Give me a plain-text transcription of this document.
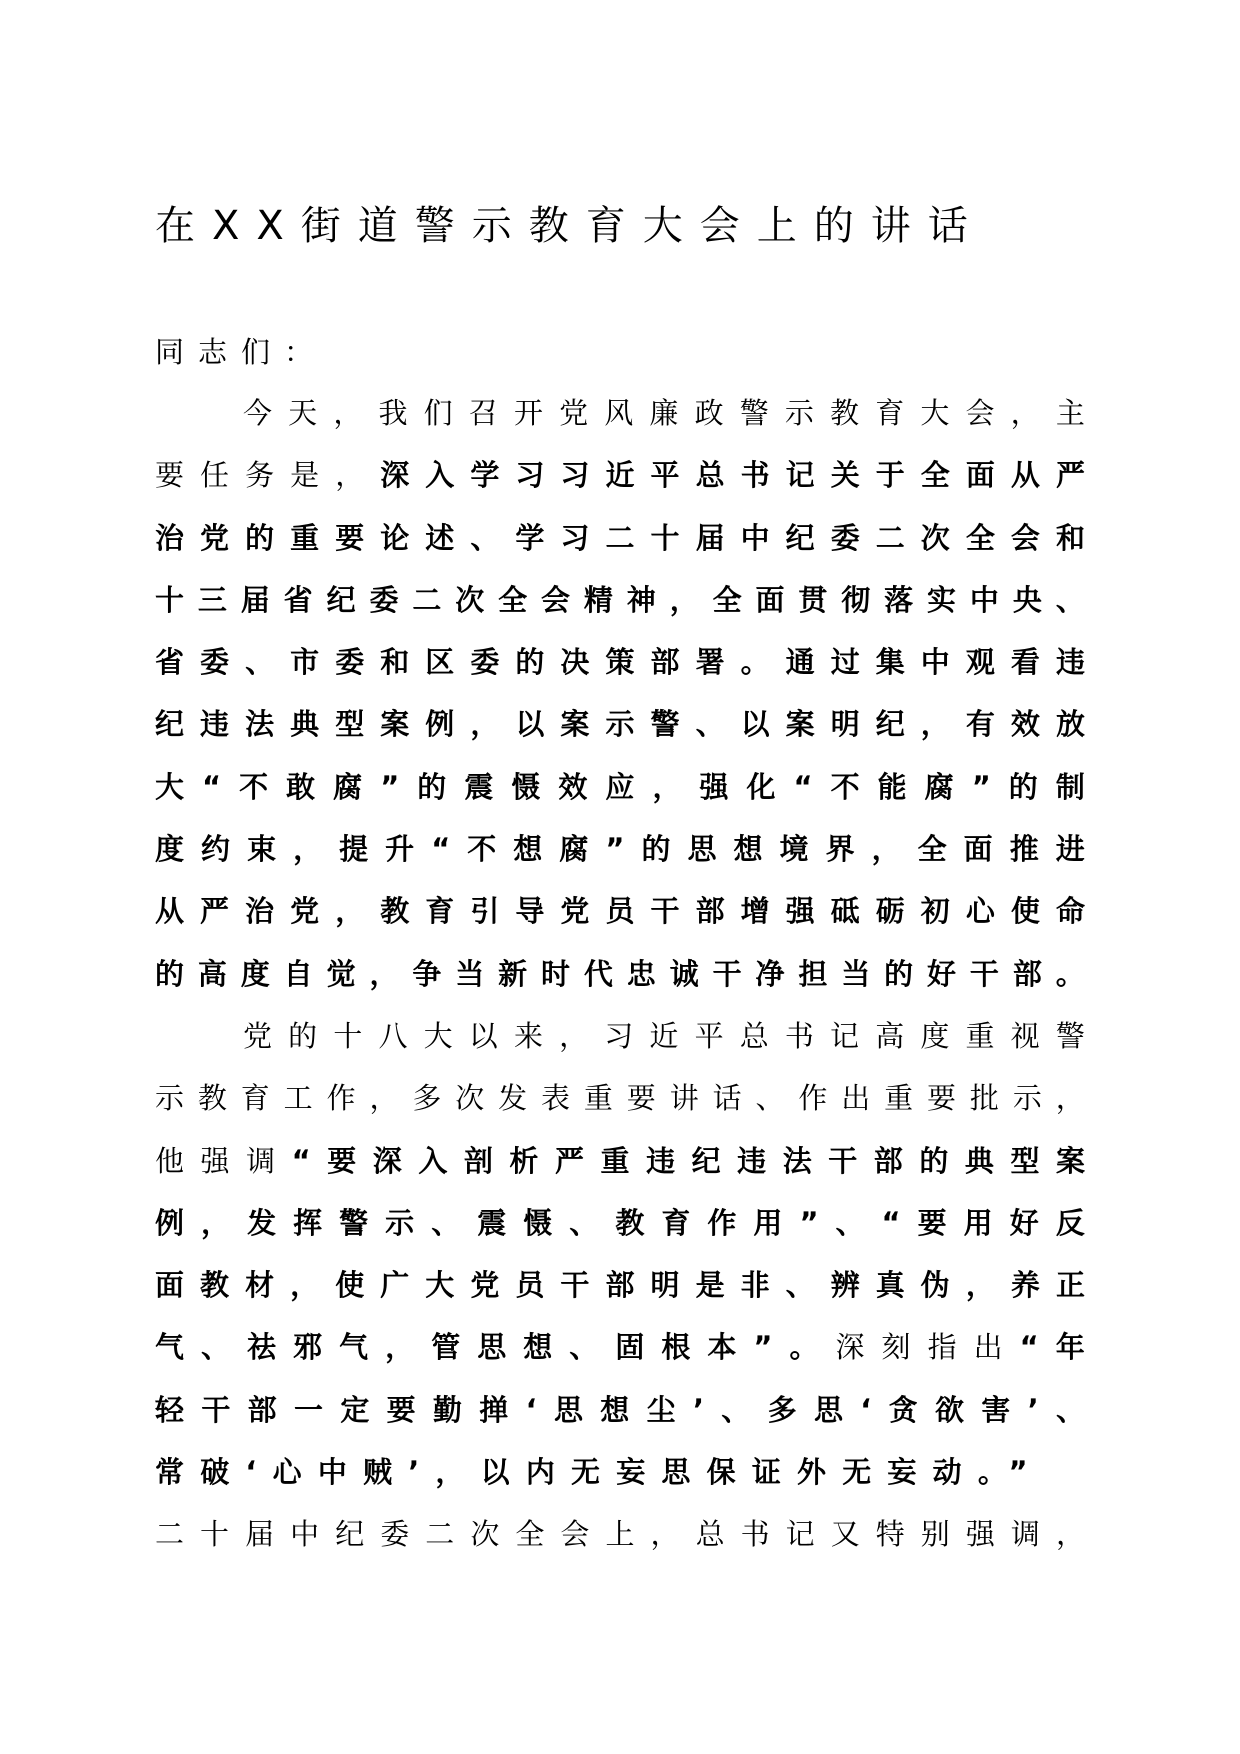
在XX街道警示教育大会上的讲话

同志们：

今 天 ， 我 们 召 开 党 风 廉 政 警 示 教 育 大 会 ， 主
要 任 务 是 ， 深 入 学 习 习 近 平 总 书 记 关 于 全 面 从 严
治 党 的 重 要 论 述 、 学 习 二 十 届 中 纪 委 二 次 全 会 和
十 三 届 省 纪 委 二 次 全 会 精 神 ， 全 面 贯 彻 落 实 中 央 、
省 委 、 市 委 和 区 委 的 决 策 部 署 。 通 过 集 中 观 看 违
纪 违 法 典 型 案 例 ， 以 案 示 警 、 以 案 明 纪 ， 有 效 放
大 “ 不 敢 腐 ” 的 震 慑 效 应 ， 强 化 “ 不 能 腐 ” 的 制
度 约 束 ， 提 升 “ 不 想 腐 ” 的 思 想 境 界 ， 全 面 推 进
从 严 治 党 ， 教 育 引 导 党 员 干 部 增 强 砥 砺 初 心 使 命
的 高 度 自 觉 ， 争 当 新 时 代 忠 诚 干 净 担 当 的 好 干 部 。
党 的 十 八 大 以 来 ， 习 近 平 总 书 记 高 度 重 视 警
示 教 育 工 作 ， 多 次 发 表 重 要 讲 话 、 作 出 重 要 批 示 ，
他 强 调 “ 要 深 入 剖 析 严 重 违 纪 违 法 干 部 的 典 型 案
例 ， 发 挥 警 示 、 震 慑 、 教 育 作 用 ” 、 “ 要 用 好 反
面 教 材 ， 使 广 大 党 员 干 部 明 是 非 、 辨 真 伪 ， 养 正
气 、 祛 邪 气 ， 管 思 想 、 固 根 本 ” 。 深 刻 指 出 “ 年
轻 干 部 一 定 要 勤 掸 ‘ 思 想 尘 ’ 、 多 思 ‘ 贪 欲 害 ’ 、
常破‘心中贼’，以内无妄思保证外无妄动。”
二 十 届 中 纪 委 二 次 全 会 上 ， 总 书 记 又 特 别 强 调 ，
